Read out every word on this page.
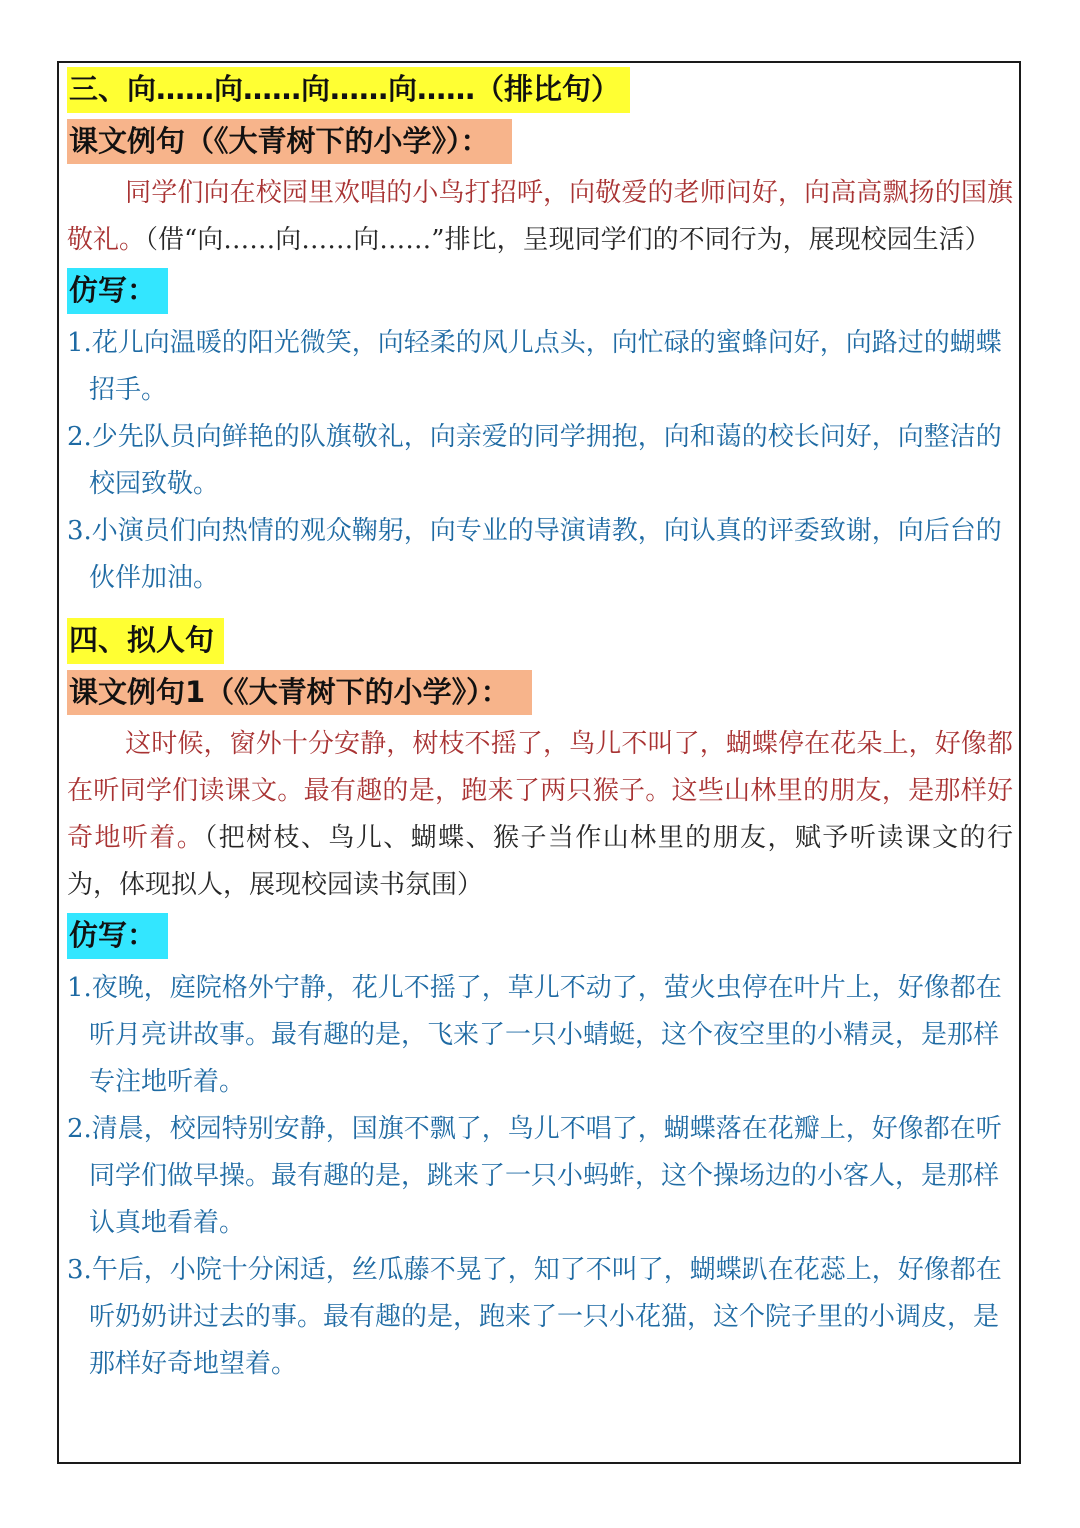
三、向……向……向……向……（排比句）
课文例句（《大青树下的小学》）：

同学们向在校园里欢唱的小鸟打招呼，向敬爱的老师问好，向高高飘扬的国旗敬礼。（借“向……向……向……”排比，呈现同学们的不同行为，展现校园生活）

仿写：

1.花儿向温暖的阳光微笑，向轻柔的风儿点头，向忙碌的蜜蜂问好，向路过的蝴蝶招手。

2.少先队员向鲜艳的队旗敬礼，向亲爱的同学拥抱，向和蔼的校长问好，向整洁的校园致敬。

3.小演员们向热情的观众鞠躬，向专业的导演请教，向认真的评委致谢，向后台的伙伴加油。

四、拟人句
课文例句1（《大青树下的小学》）：

这时候，窗外十分安静，树枝不摇了，鸟儿不叫了，蝴蝶停在花朵上，好像都在听同学们读课文。最有趣的是，跑来了两只猴子。这些山林里的朋友，是那样好奇地听着。（把树枝、鸟儿、蝴蝶、猴子当作山林里的朋友，赋予听读课文的行为，体现拟人，展现校园读书氛围）

仿写：

1.夜晚，庭院格外宁静，花儿不摇了，草儿不动了，萤火虫停在叶片上，好像都在听月亮讲故事。最有趣的是，飞来了一只小蜻蜓，这个夜空里的小精灵，是那样专注地听着。

2.清晨，校园特别安静，国旗不飘了，鸟儿不唱了，蝴蝶落在花瓣上，好像都在听同学们做早操。最有趣的是，跳来了一只小蚂蚱，这个操场边的小客人，是那样认真地看着。

3.午后，小院十分闲适，丝瓜藤不晃了，知了不叫了，蝴蝶趴在花蕊上，好像都在听奶奶讲过去的事。最有趣的是，跑来了一只小花猫，这个院子里的小调皮，是那样好奇地望着。
